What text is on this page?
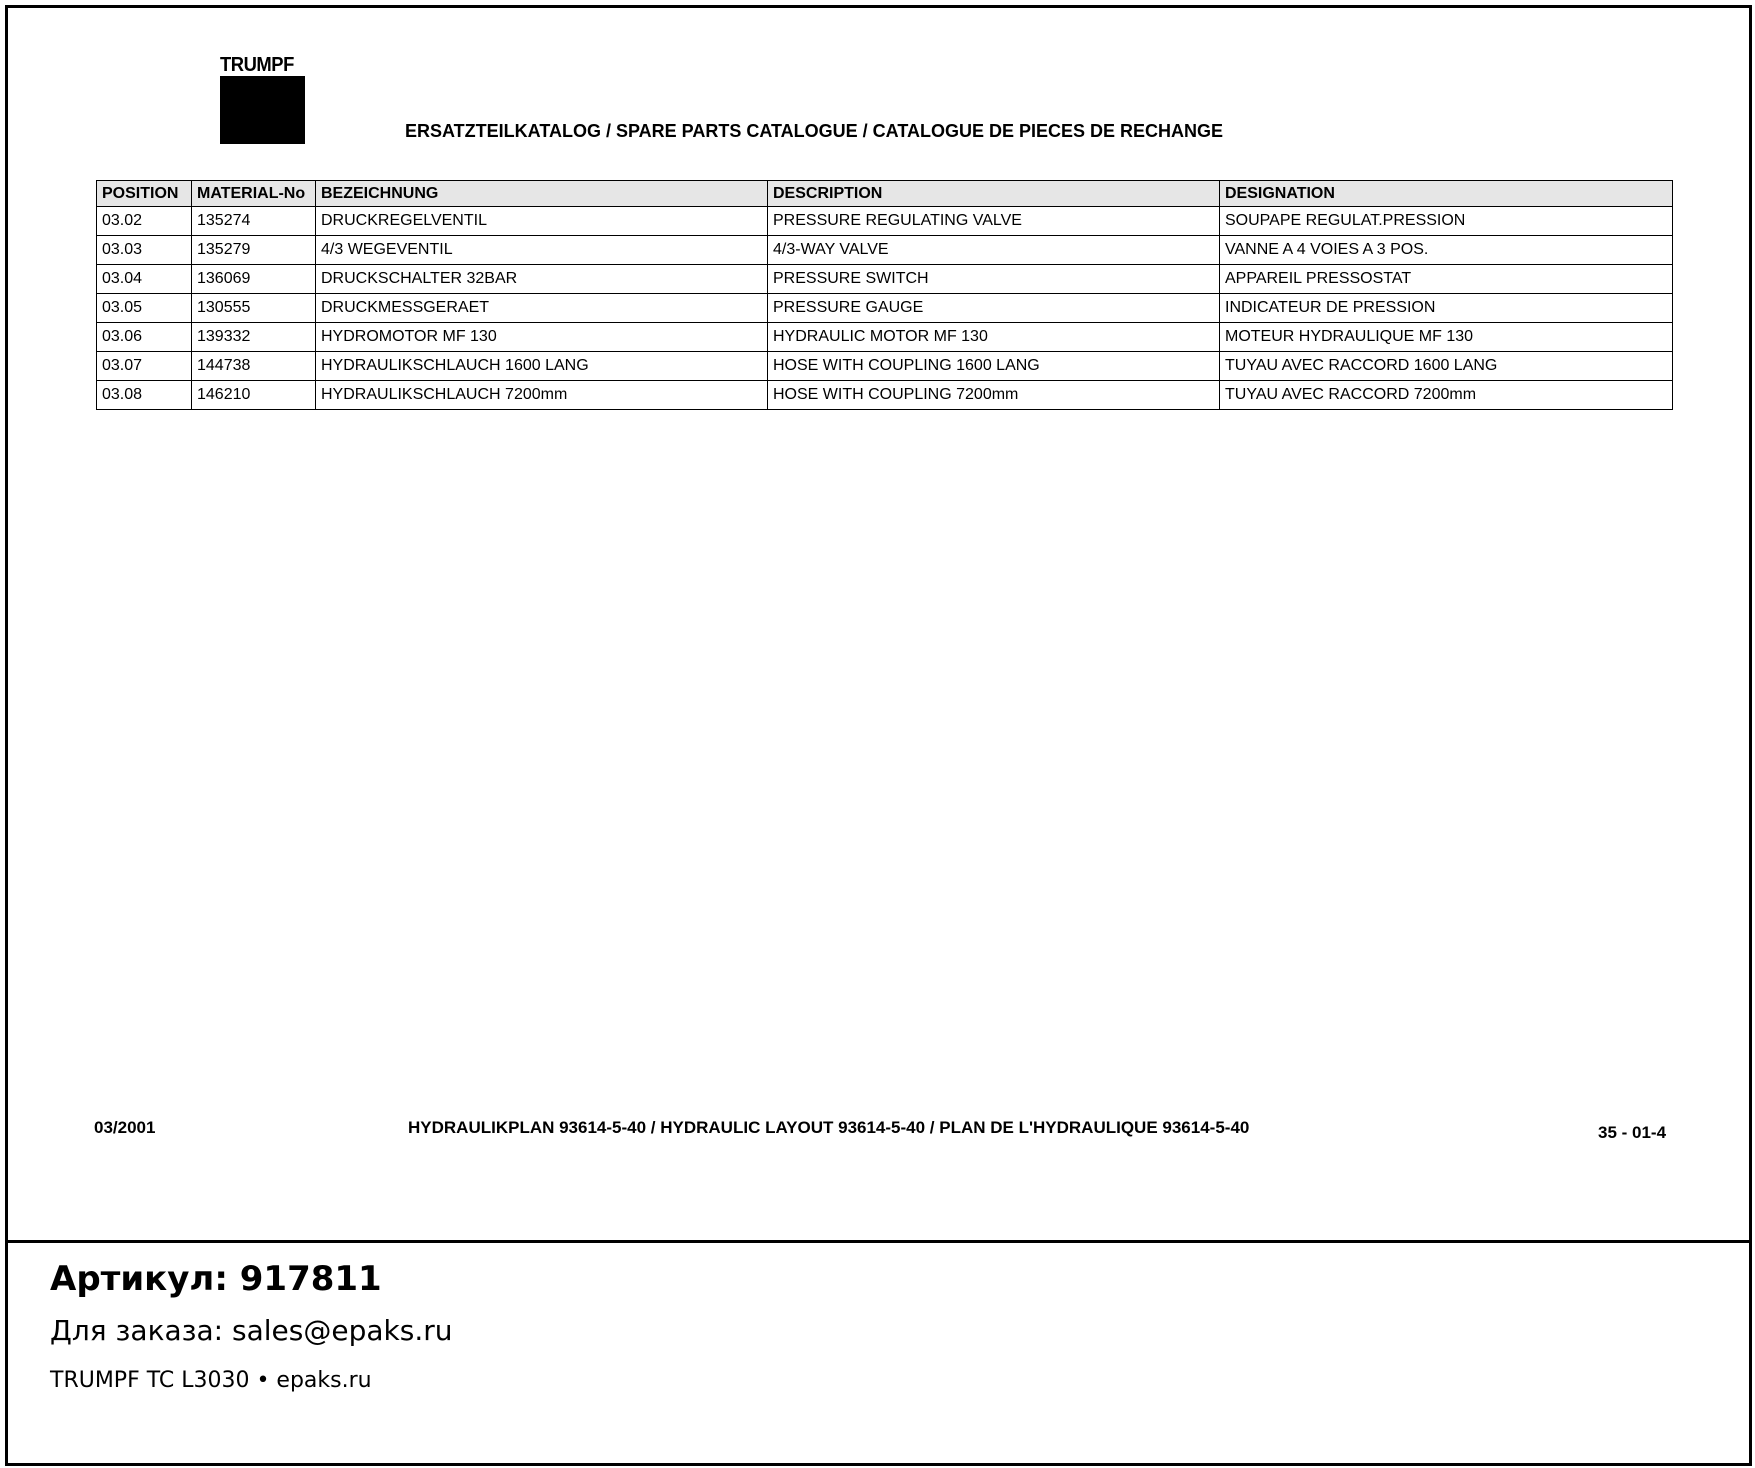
TRUMPF
ERSATZTEILKATALOG / SPARE PARTS CATALOGUE / CATALOGUE DE PIECES DE RECHANGE
POSITION	MATERIAL-No	BEZEICHNUNG	DESCRIPTION	DESIGNATION
03.02	135274	DRUCKREGELVENTIL	PRESSURE REGULATING VALVE	SOUPAPE REGULAT.PRESSION
03.03	135279	4/3 WEGEVENTIL	4/3-WAY VALVE	VANNE A 4 VOIES A 3 POS.
03.04	136069	DRUCKSCHALTER 32BAR	PRESSURE SWITCH	APPAREIL PRESSOSTAT
03.05	130555	DRUCKMESSGERAET	PRESSURE GAUGE	INDICATEUR DE PRESSION
03.06	139332	HYDROMOTOR MF 130	HYDRAULIC MOTOR MF 130	MOTEUR HYDRAULIQUE MF 130
03.07	144738	HYDRAULIKSCHLAUCH 1600 LANG	HOSE WITH COUPLING 1600 LANG	TUYAU AVEC RACCORD 1600 LANG
03.08	146210	HYDRAULIKSCHLAUCH 7200mm	HOSE WITH COUPLING 7200mm	TUYAU AVEC RACCORD 7200mm
03/2001	HYDRAULIKPLAN 93614-5-40 / HYDRAULIC LAYOUT 93614-5-40 / PLAN DE L'HYDRAULIQUE 93614-5-40	35 - 01-4
Артикул: 917811
Для заказа: sales@epaks.ru
TRUMPF TC L3030 • epaks.ru
